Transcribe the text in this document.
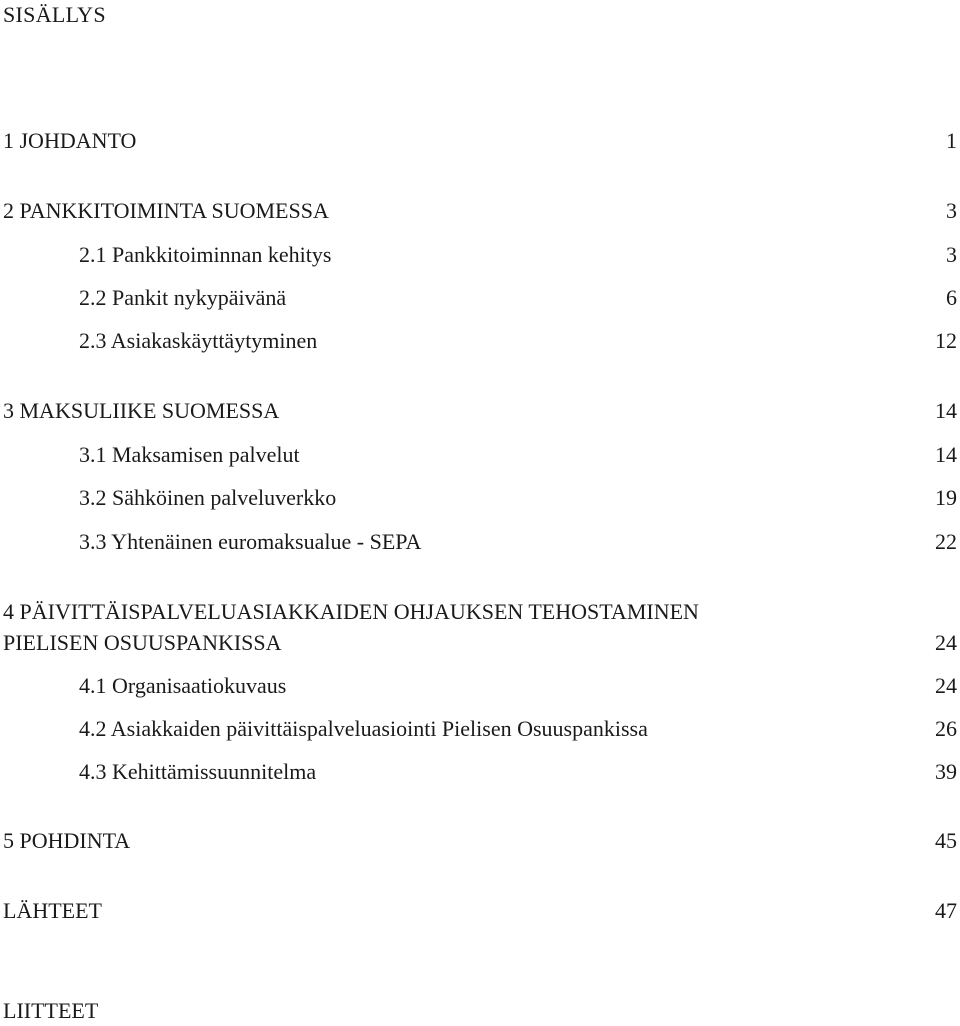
SISÄLLYS
1 JOHDANTO	1
2 PANKKITOIMINTA SUOMESSA	3
2.1 Pankkitoiminnan kehitys	3
2.2 Pankit nykypäivänä	6
2.3 Asiakaskäyttäytyminen	12
3 MAKSULIIKE SUOMESSA	14
3.1 Maksamisen palvelut	14
3.2 Sähköinen palveluverkko	19
3.3 Yhtenäinen euromaksualue - SEPA	22
4 PÄIVITTÄISPALVELUASIAKKAIDEN OHJAUKSEN TEHOSTAMINEN
PIELISEN OSUUSPANKISSA	24
4.1 Organisaatiokuvaus	24
4.2 Asiakkaiden päivittäispalveluasiointi Pielisen Osuuspankissa	26
4.3 Kehittämissuunnitelma	39
5 POHDINTA	45
LÄHTEET	47
LIITTEET
